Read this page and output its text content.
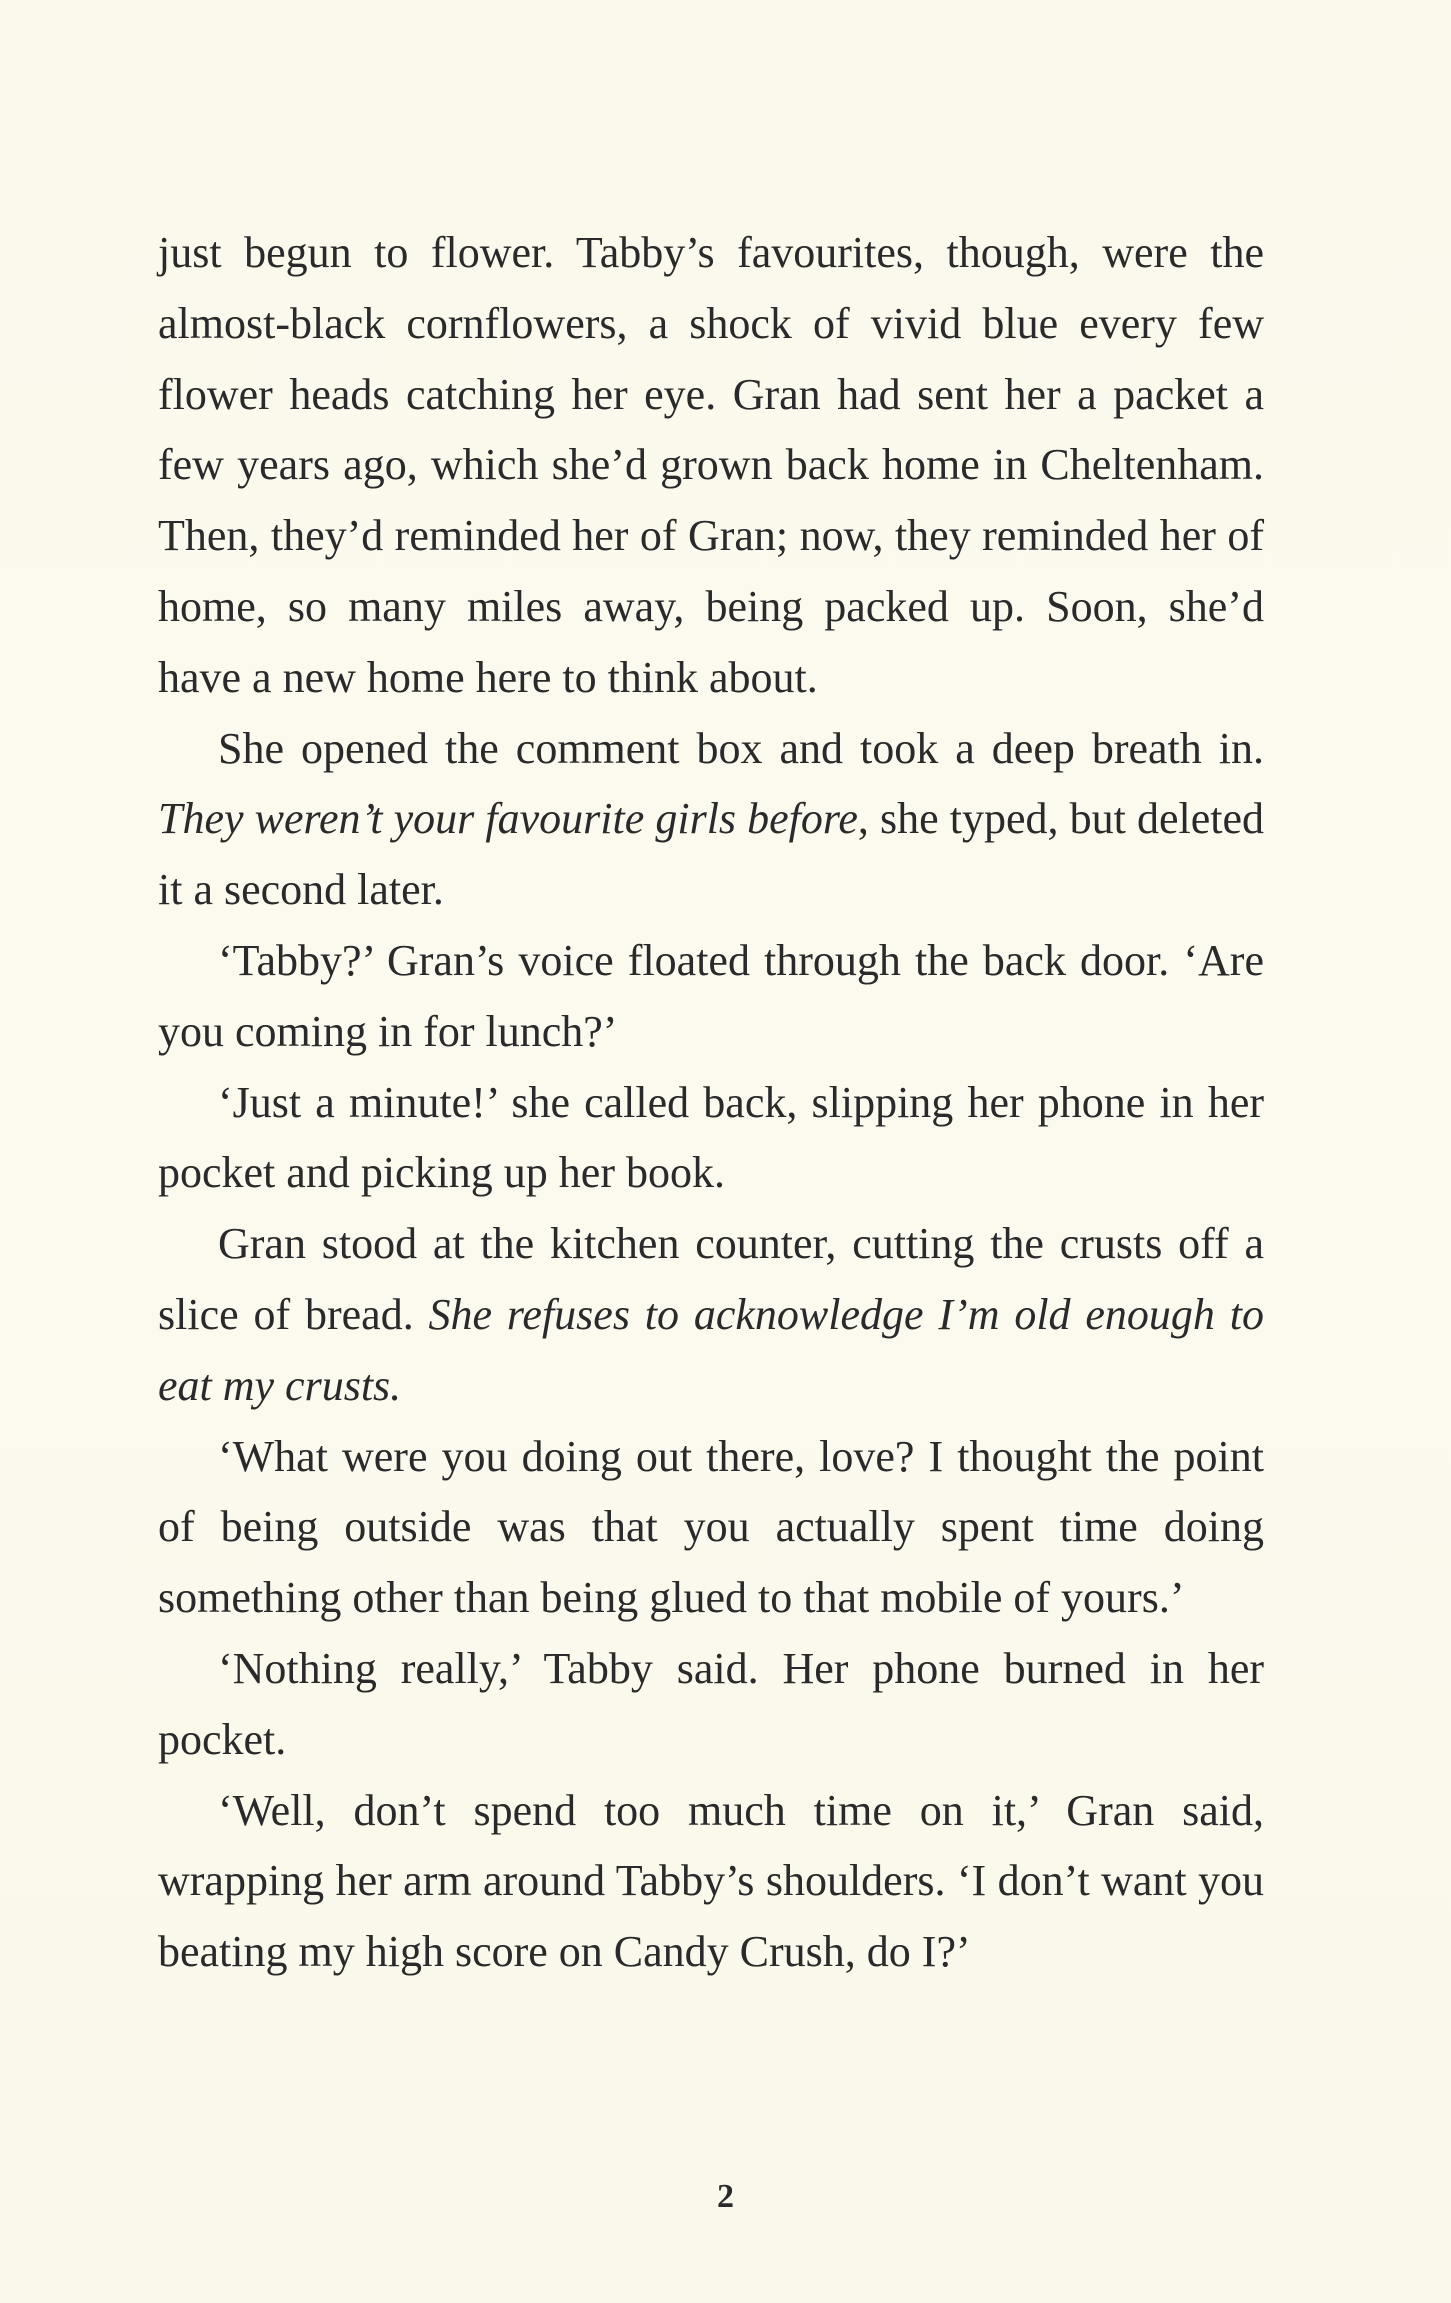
just begun to flower. Tabby’s favourites, though, were the almost-black cornflowers, a shock of vivid blue every few flower heads catching her eye. Gran had sent her a packet a few years ago, which she’d grown back home in Cheltenham. Then, they’d reminded her of Gran; now, they reminded her of home, so many miles away, being packed up. Soon, she’d have a new home here to think about.

She opened the comment box and took a deep breath in. They weren’t your favourite girls before, she typed, but deleted it a second later.

‘Tabby?’ Gran’s voice floated through the back door. ‘Are you coming in for lunch?’

‘Just a minute!’ she called back, slipping her phone in her pocket and picking up her book.

Gran stood at the kitchen counter, cutting the crusts off a slice of bread. She refuses to acknowledge I’m old enough to eat my crusts.

‘What were you doing out there, love? I thought the point of being outside was that you actually spent time doing something other than being glued to that mobile of yours.’

‘Nothing really,’ Tabby said. Her phone burned in her pocket.

‘Well, don’t spend too much time on it,’ Gran said, wrapping her arm around Tabby’s shoulders. ‘I don’t want you beating my high score on Candy Crush, do I?’

2
